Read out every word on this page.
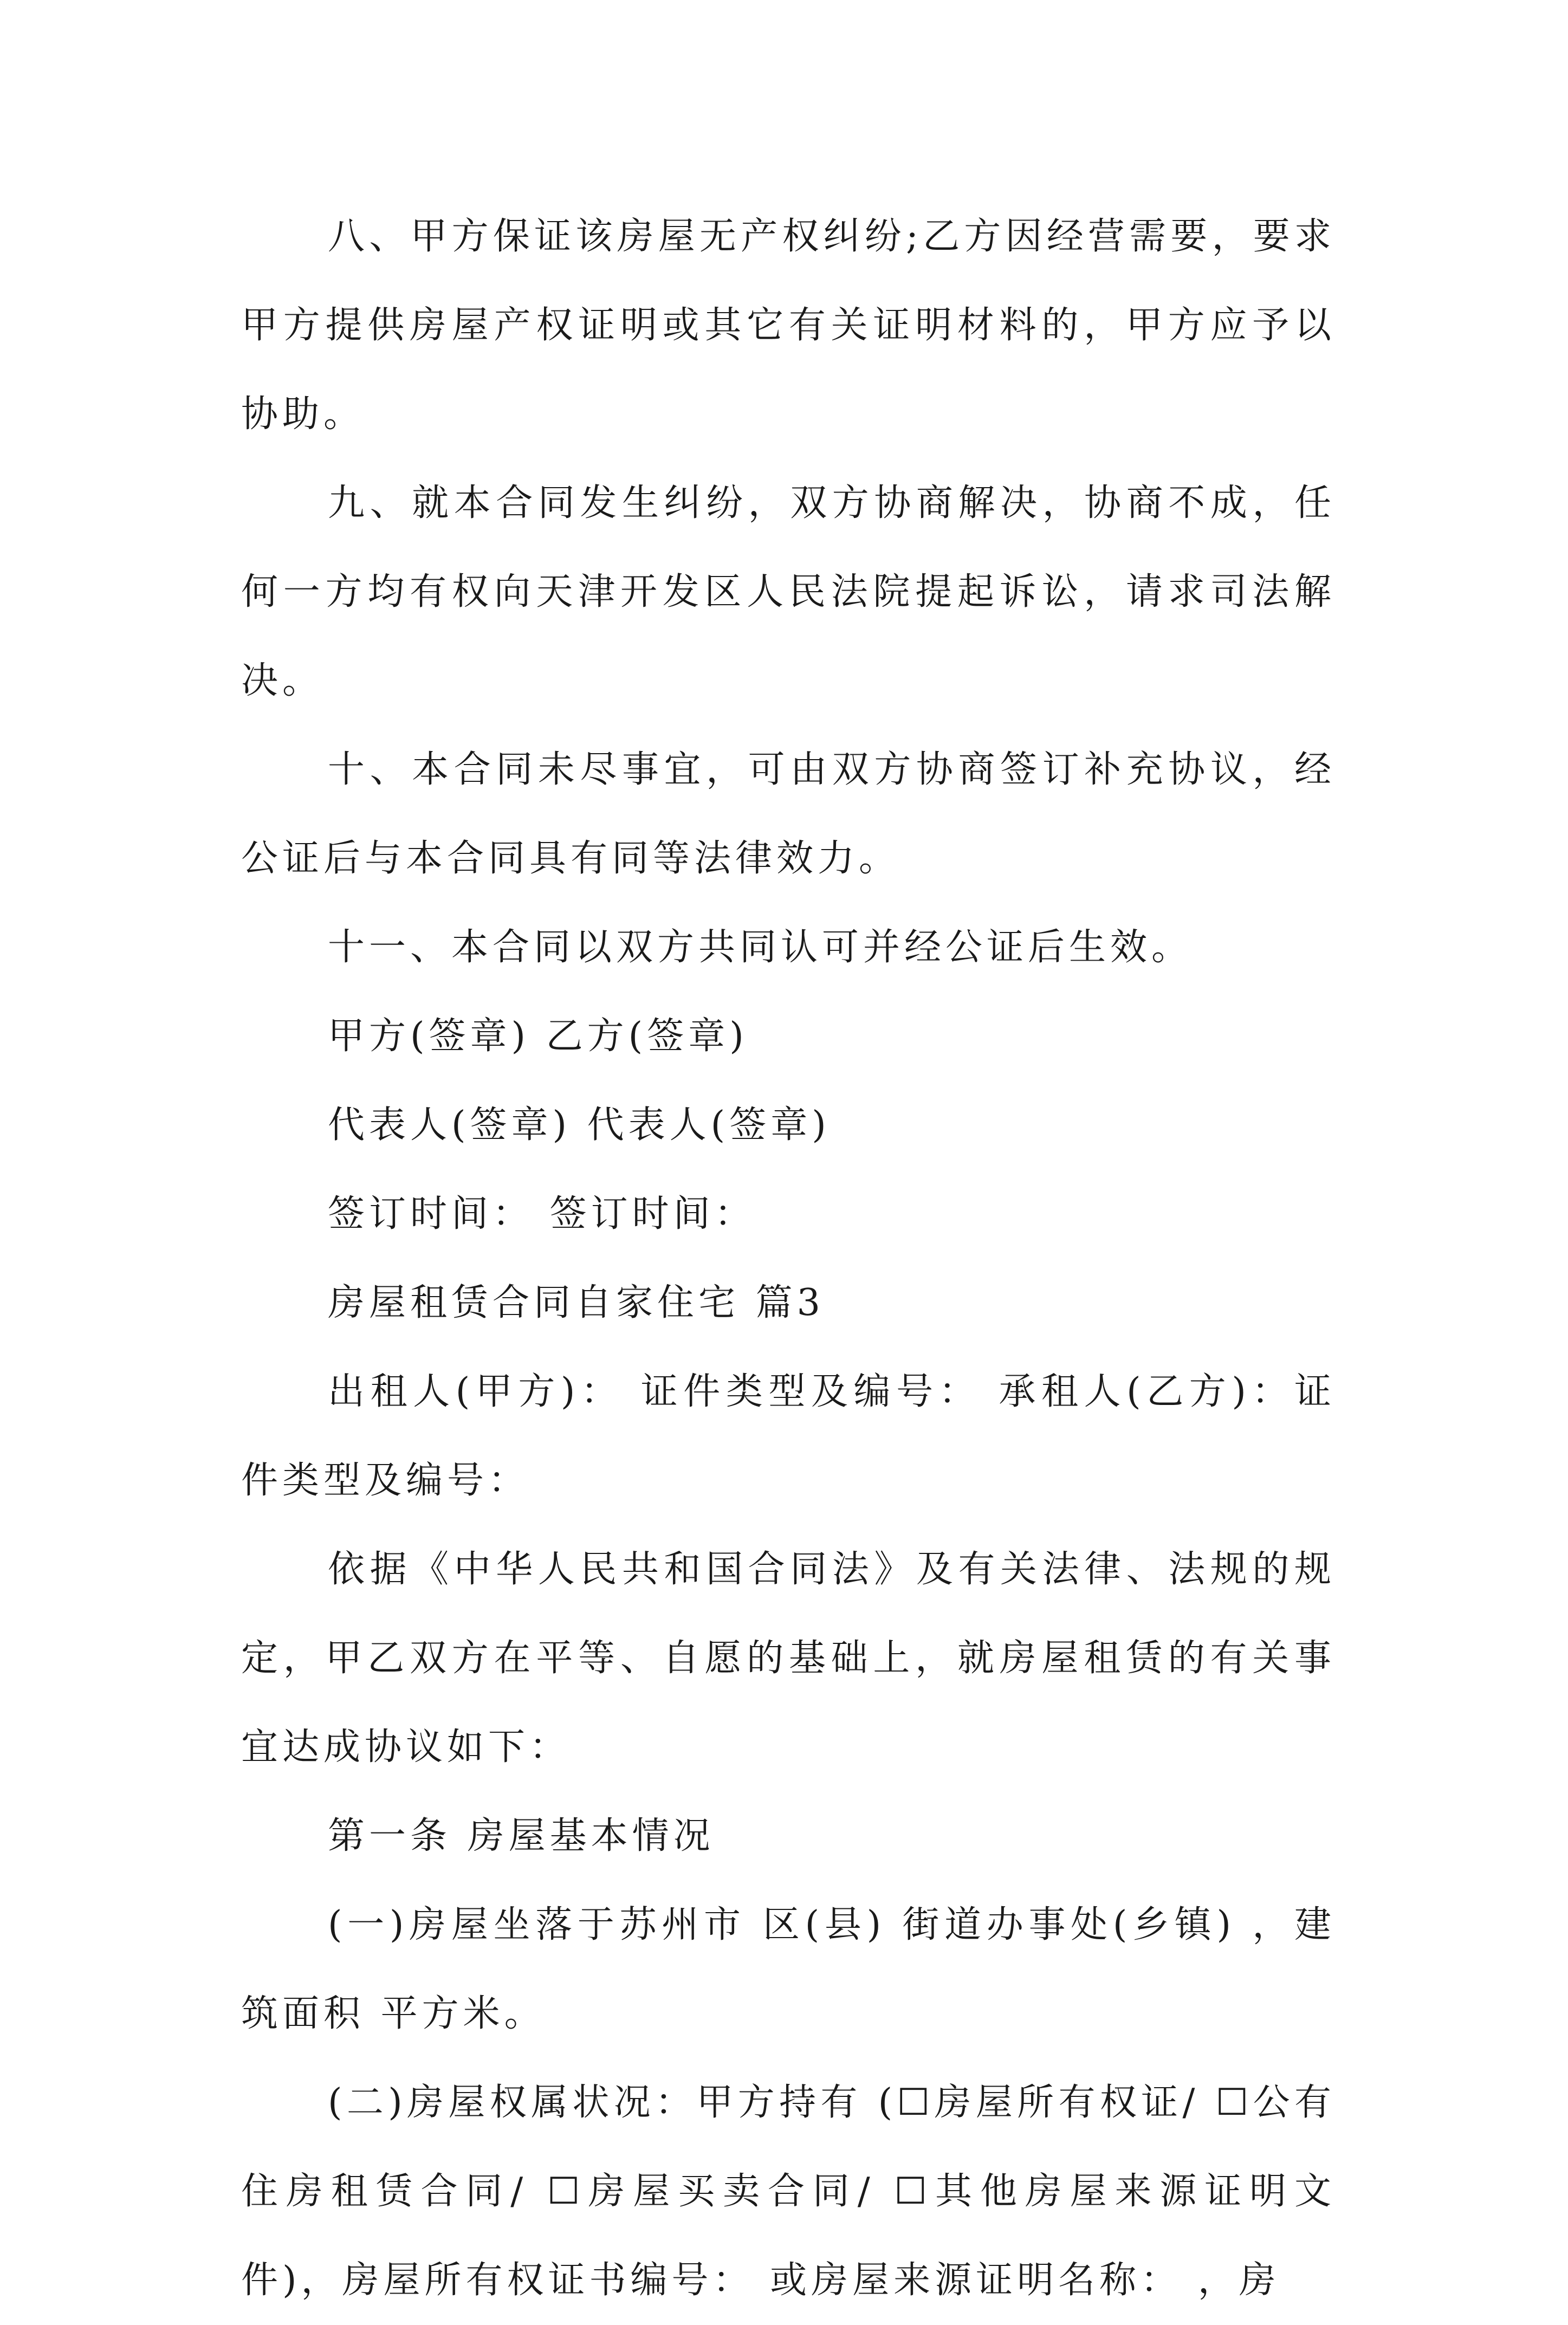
八、甲方保证该房屋无产权纠纷;乙方因经营需要，要求甲方提供房屋产权证明或其它有关证明材料的，甲方应予以协助。

九、就本合同发生纠纷，双方协商解决，协商不成，任何一方均有权向天津开发区人民法院提起诉讼，请求司法解决。

十、本合同未尽事宜，可由双方协商签订补充协议，经公证后与本合同具有同等法律效力。

十一、本合同以双方共同认可并经公证后生效。

甲方(签章) 乙方(签章)

代表人(签章) 代表人(签章)

签订时间： 签订时间：

房屋租赁合同自家住宅 篇3

出租人(甲方)： 证件类型及编号： 承租人(乙方)：证件类型及编号：

依据《中华人民共和国合同法》及有关法律、法规的规定，甲乙双方在平等、自愿的基础上，就房屋租赁的有关事宜达成协议如下：

第一条 房屋基本情况

(一)房屋坐落于苏州市 区(县) 街道办事处(乡镇) ，建筑面积 平方米。

(二)房屋权属状况：甲方持有 (☐房屋所有权证/ ☐公有住房租赁合同/ ☐房屋买卖合同/ ☐其他房屋来源证明文件)，房屋所有权证书编号： 或房屋来源证明名称： ，房
